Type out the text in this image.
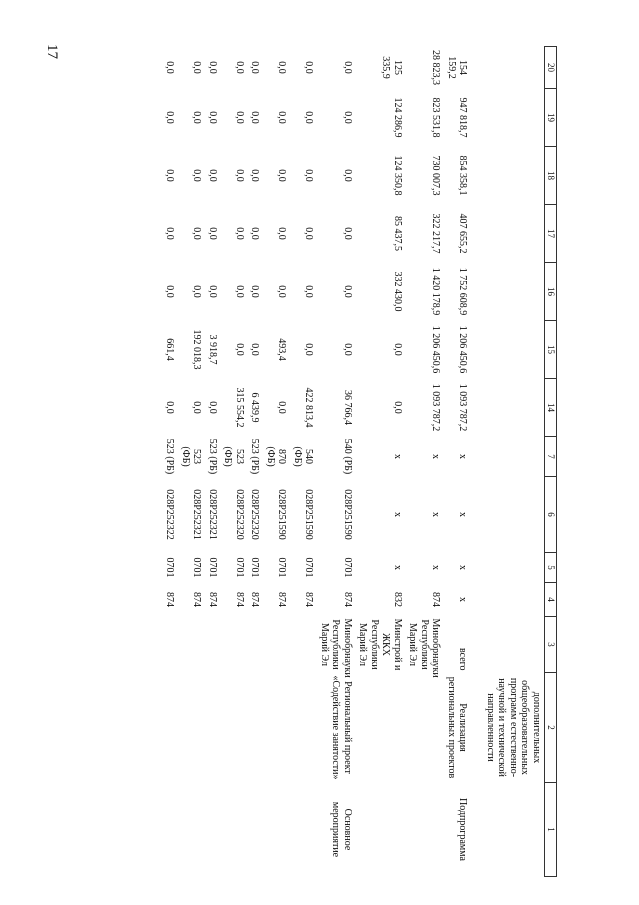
17
20	19	18	17	16	15	14	7	6	5	4	3	2	1
												дополнительных общеобразовательных программ естественно-научной и технической направленности	
154 159,2	947 818,7	854 358,1	407 655,2	1 752 608,9	1 206 450,6	1 093 787,2	х	х	х	х	всего	Реализация региональных проектов	Подпрограмма
28 823,3	823 531,8	730 007,3	322 217,7	1 420 178,9	1 206 450,6	1 093 787,2	х	х	х	874	Минобрнауки Республики Марий Эл		
125 335,9	124 286,9	124 350,8	85 437,5	332 430,0	0,0	0,0	х	х	х	832	Минстрой и ЖКХ Республики Марий Эл		
0,0	0,0	0,0	0,0	0,0	0,0	36 766,4	540 (РБ)	028P251590	0701	874	Минобрнауки Республики Марий Эл	Региональный проект «Содействие занятости»	Основное мероприятие
0,0	0,0	0,0	0,0	0,0	0,0	422 813,4	540 (ФБ)	028P251590	0701	874			
0,0	0,0	0,0	0,0	0,0	493,4	0,0	870 (ФБ)	028P251590	0701	874			
0,0	0,0	0,0	0,0	0,0	0,0	6 439,9	523 (РБ)	028P252320	0701	874			
0,0	0,0	0,0	0,0	0,0	0,0	315 554,2	523 (ФБ)	028P252320	0701	874			
0,0	0,0	0,0	0,0	0,0	3 918,7	0,0	523 (РБ)	028P252321	0701	874			
0,0	0,0	0,0	0,0	0,0	192 018,3	0,0	523 (ФБ)	028P252321	0701	874			
0,0	0,0	0,0	0,0	0,0	661,4	0,0	523 (РБ)	028P252322	0701	874			
